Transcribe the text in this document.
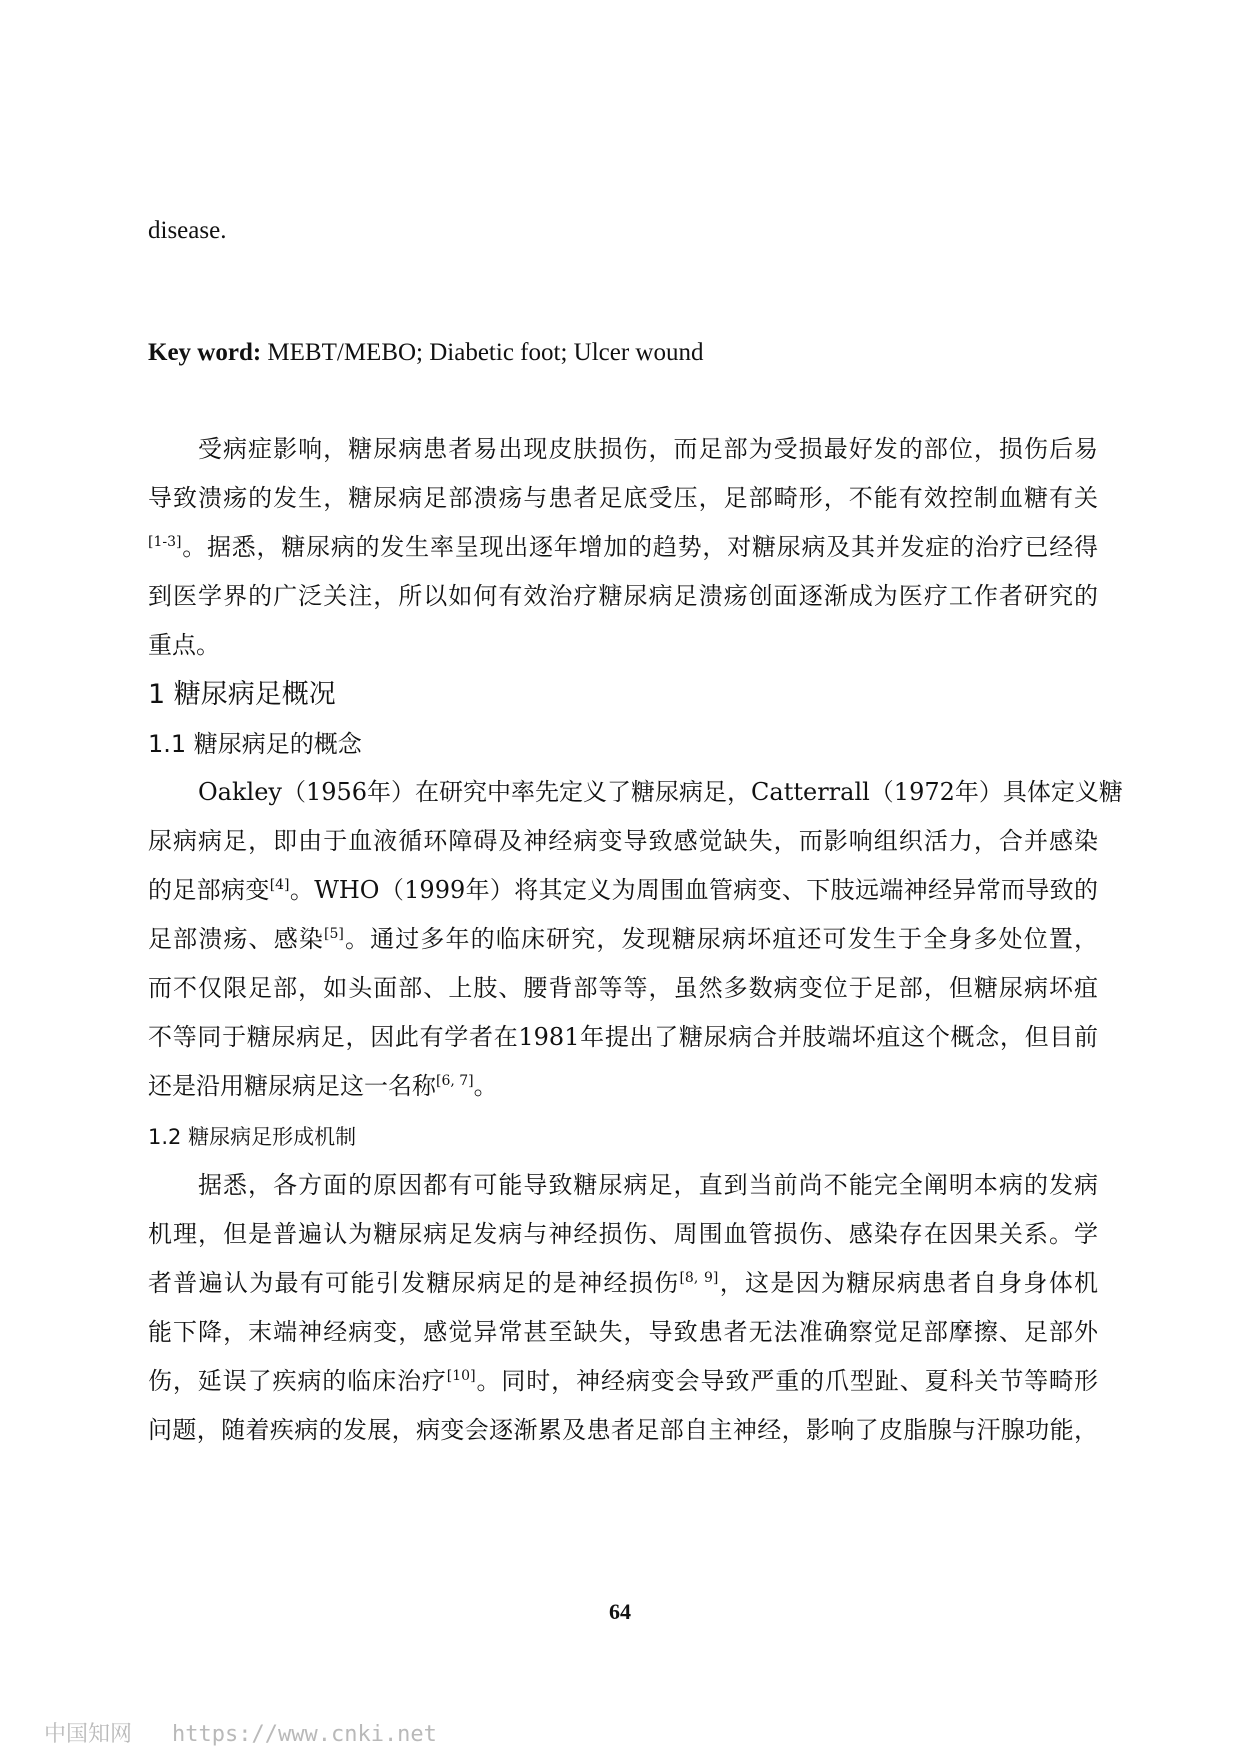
disease.
Key word: MEBT/MEBO; Diabetic foot; Ulcer wound
受病症影响，糖尿病患者易出现皮肤损伤，而足部为受损最好发的部位，损伤后易
导致溃疡的发生，糖尿病足部溃疡与患者足底受压，足部畸形，不能有效控制血糖有关
[1-3]。据悉，糖尿病的发生率呈现出逐年增加的趋势，对糖尿病及其并发症的治疗已经得
到医学界的广泛关注，所以如何有效治疗糖尿病足溃疡创面逐渐成为医疗工作者研究的
重点。
1 糖尿病足概况
1.1 糖尿病足的概念
Oakley（1956年）在研究中率先定义了糖尿病足，Catterrall（1972年）具体定义糖
尿病病足，即由于血液循环障碍及神经病变导致感觉缺失，而影响组织活力，合并感染
的足部病变[4]。WHO（1999年）将其定义为周围血管病变、下肢远端神经异常而导致的
足部溃疡、感染[5]。通过多年的临床研究，发现糖尿病坏疽还可发生于全身多处位置，
而不仅限足部，如头面部、上肢、腰背部等等，虽然多数病变位于足部，但糖尿病坏疽
不等同于糖尿病足，因此有学者在1981年提出了糖尿病合并肢端坏疽这个概念，但目前
还是沿用糖尿病足这一名称[6, 7]。
1.2 糖尿病足形成机制
据悉，各方面的原因都有可能导致糖尿病足，直到当前尚不能完全阐明本病的发病
机理，但是普遍认为糖尿病足发病与神经损伤、周围血管损伤、感染存在因果关系。学
者普遍认为最有可能引发糖尿病足的是神经损伤[8, 9]，这是因为糖尿病患者自身身体机
能下降，末端神经病变，感觉异常甚至缺失，导致患者无法准确察觉足部摩擦、足部外
伤，延误了疾病的临床治疗[10]。同时，神经病变会导致严重的爪型趾、夏科关节等畸形
问题，随着疾病的发展，病变会逐渐累及患者足部自主神经，影响了皮脂腺与汗腺功能，
64
中国知网 https://www.cnki.net
